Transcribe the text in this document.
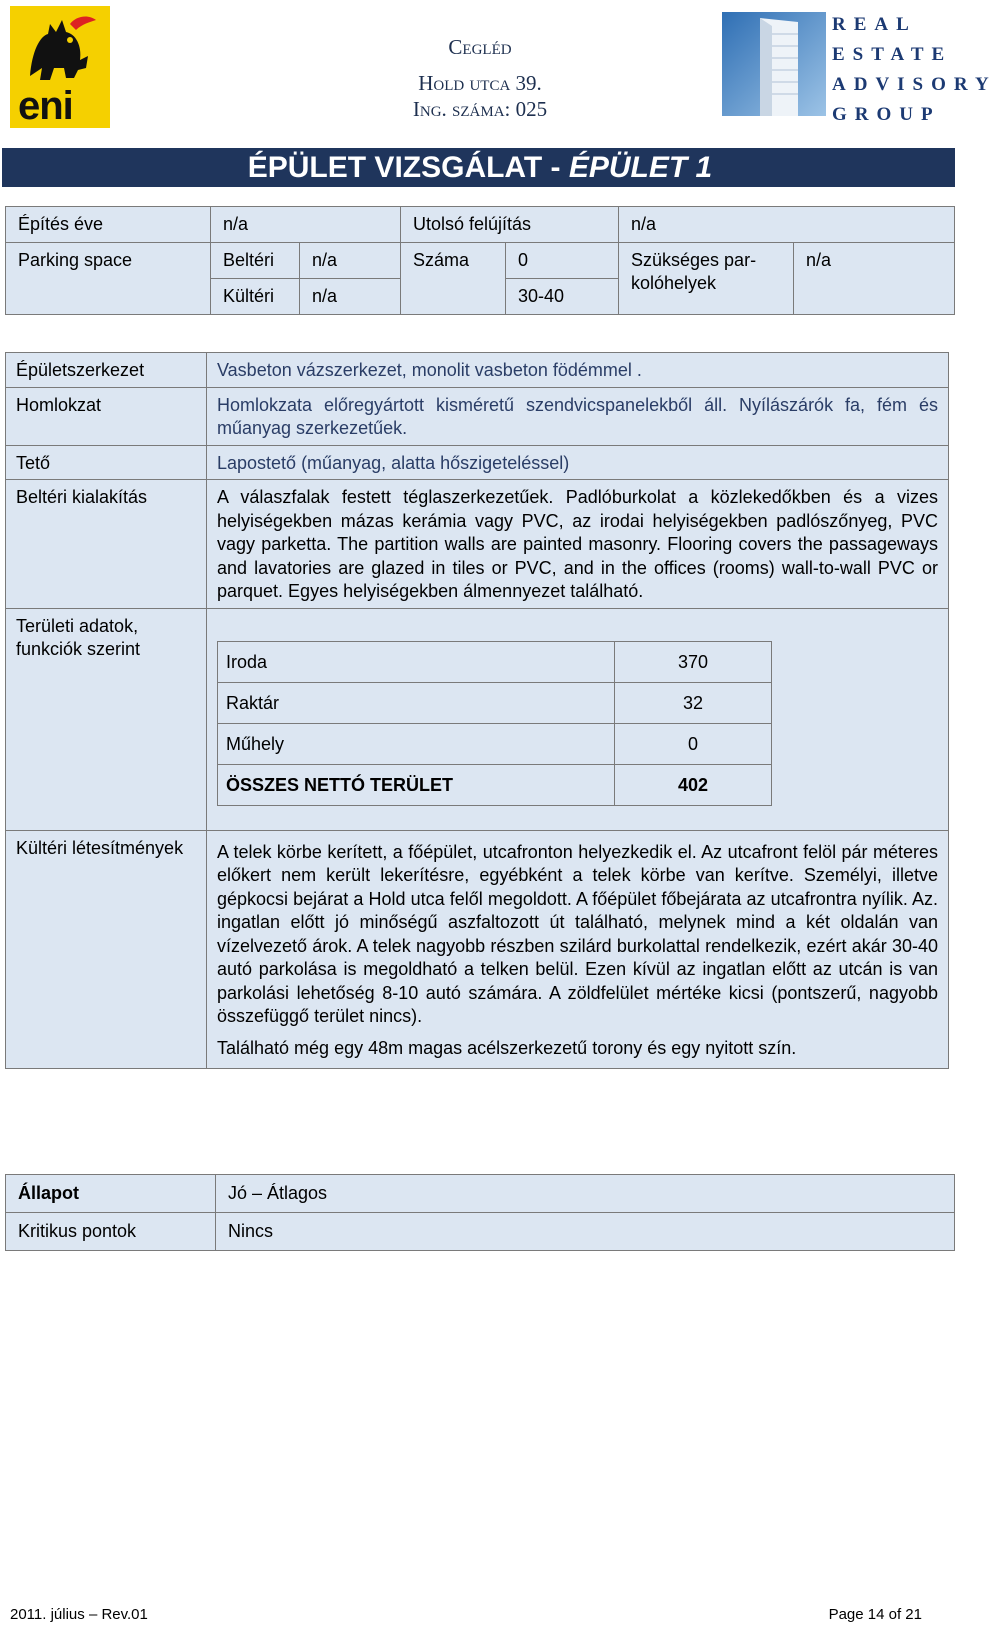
eni
Cegléd
Hold utca 39.
Ing. száma: 025
REAL
ESTATE
ADVISORY
GROUP
ÉPÜLET VIZSGÁLAT - ÉPÜLET 1
Építés éve	n/a		Utolsó felújítás		n/a	
Parking space	Beltéri	n/a	Száma	0	Szükséges par-
kolóhelyek	n/a
	Kültéri	n/a		30-40		
Épületszerkezet	Vasbeton vázszerkezet, monolit vasbeton födémmel .
Homlokzat	Homlokzata előregyártott kisméretű szendvicspanelekből áll. Nyílászárók fa, fém és műanyag szerkezetűek.
Tető	Lapostető (műanyag, alatta hőszigeteléssel)
Beltéri kialakítás	A válaszfalak festett téglaszerkezetűek. Padlóburkolat a közlekedőkben és a vizes helyiségekben mázas kerámia vagy PVC, az irodai helyiségekben padlószőnyeg, PVC vagy parketta. The partition walls are painted masonry. Flooring covers the passageways and lavatories are glazed in tiles or PVC, and in the offices (rooms) wall-to-wall PVC or parquet. Egyes helyiségekben álmennyezet található.

Területi adatok,
funkciók szerint

Iroda	370
Raktár	32
Műhely	0
ÖSSZES NETTÓ TERÜLET	402

Kültéri létesítmények	A telek körbe kerített, a főépület, utcafronton helyezkedik el. Az utcafront felöl pár méteres előkert nem került lekerítésre, egyébként a telek körbe van kerítve. Személyi, illetve gépkocsi bejárat a Hold utca felől megoldott. A főépület főbejárata az utcafrontra nyílik. Az. ingatlan előtt jó minőségű aszfaltozott út található, melynek mind a két oldalán van vízelvezető árok. A telek nagyobb részben szilárd burkolattal rendelkezik, ezért akár 30-40 autó parkolása is megoldható a telken belül. Ezen kívül az ingatlan előtt az utcán is van parkolási lehetőség 8-10 autó számára. A zöldfelület mértéke kicsi (pontszerű, nagyobb összefüggő terület nincs).
Található még egy 48m magas acélszerkezetű torony és egy nyitott szín.
Állapot	Jó – Átlagos
Kritikus pontok	Nincs
2011. július – Rev.01	Page 14 of 21
